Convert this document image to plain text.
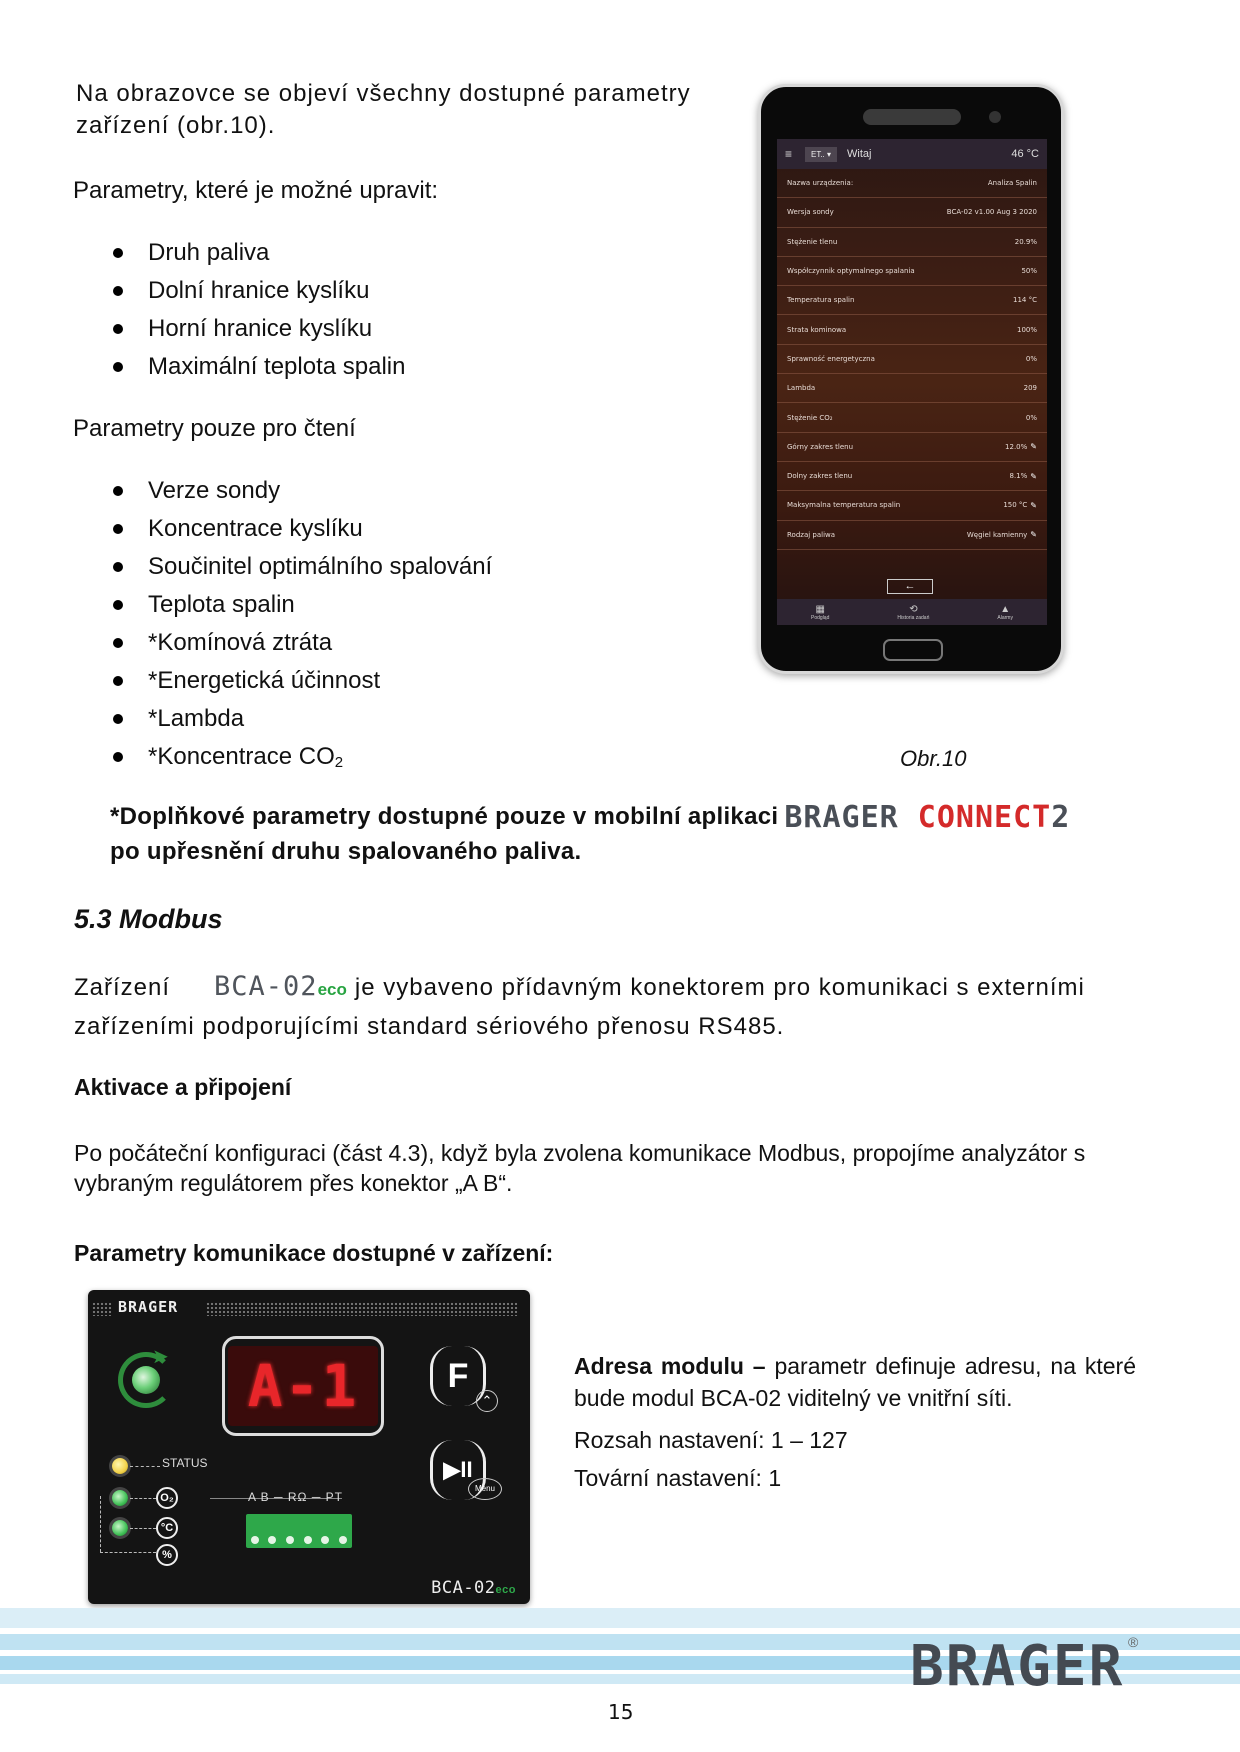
Na obrazovce se objeví všechny dostupné parametry
zařízení (obr.10).
Parametry, které je možné upravit:
Druh paliva
Dolní hranice kyslíku
Horní hranice kyslíku
Maximální teplota spalin
Parametry pouze pro čtení
Verze sondy
Koncentrace kyslíku
Součinitel optimálního spalování
Teplota spalin
*Komínová ztráta
*Energetická účinnost
*Lambda
*Koncentrace $CO_2$
≡	ET.. ▾	Witaj	46 °C
Nazwa urządzenia:	Analiza Spalin
Wersja sondy	BCA-02 v1.00 Aug 3 2020
Stężenie tlenu	20.9%
Współczynnik optymalnego spalania	50%
Temperatura spalin	114 °C
Strata kominowa	100%
Sprawność energetyczna	0%
Lambda	209
Stężenie CO₂	0%
Górny zakres tlenu	12.0% ✎
Dolny zakres tlenu	8.1% ✎
Maksymalna temperatura spalin	150 °C ✎
Rodzaj paliwa	Węgiel kamienny ✎
←
▦
Podgląd
⟲
Historia zadań
▲
Alarmy
Obr.10
*Doplňkové parametry dostupné pouze v mobilní aplikaci BRAGER CONNECT2
po upřesnění druhu spalovaného paliva.
5.3 Modbus
Zařízení BCA-02eco je vybaveno přídavným konektorem pro komunikaci s externími zařízeními podporujícími standard sériového přenosu RS485.
Aktivace a připojení
Po počáteční konfiguraci (část 4.3), když byla zvolena komunikace Modbus, propojíme analyzátor s vybraným regulátorem přes konektor „A B“.
Parametry komunikace dostupné v zařízení:
BRAGER
➤	A-1	F
⌃
▶II
Menu
STATUS
O₂
°C
%
A B ─ RΩ ─ PT
BCA-02eco
Adresa modulu – parametr definuje adresu, na které bude modul BCA-02 viditelný ve vnitřní síti.
Rozsah nastavení: 1 – 127
Tovární nastavení: 1
BRAGER ®
15
